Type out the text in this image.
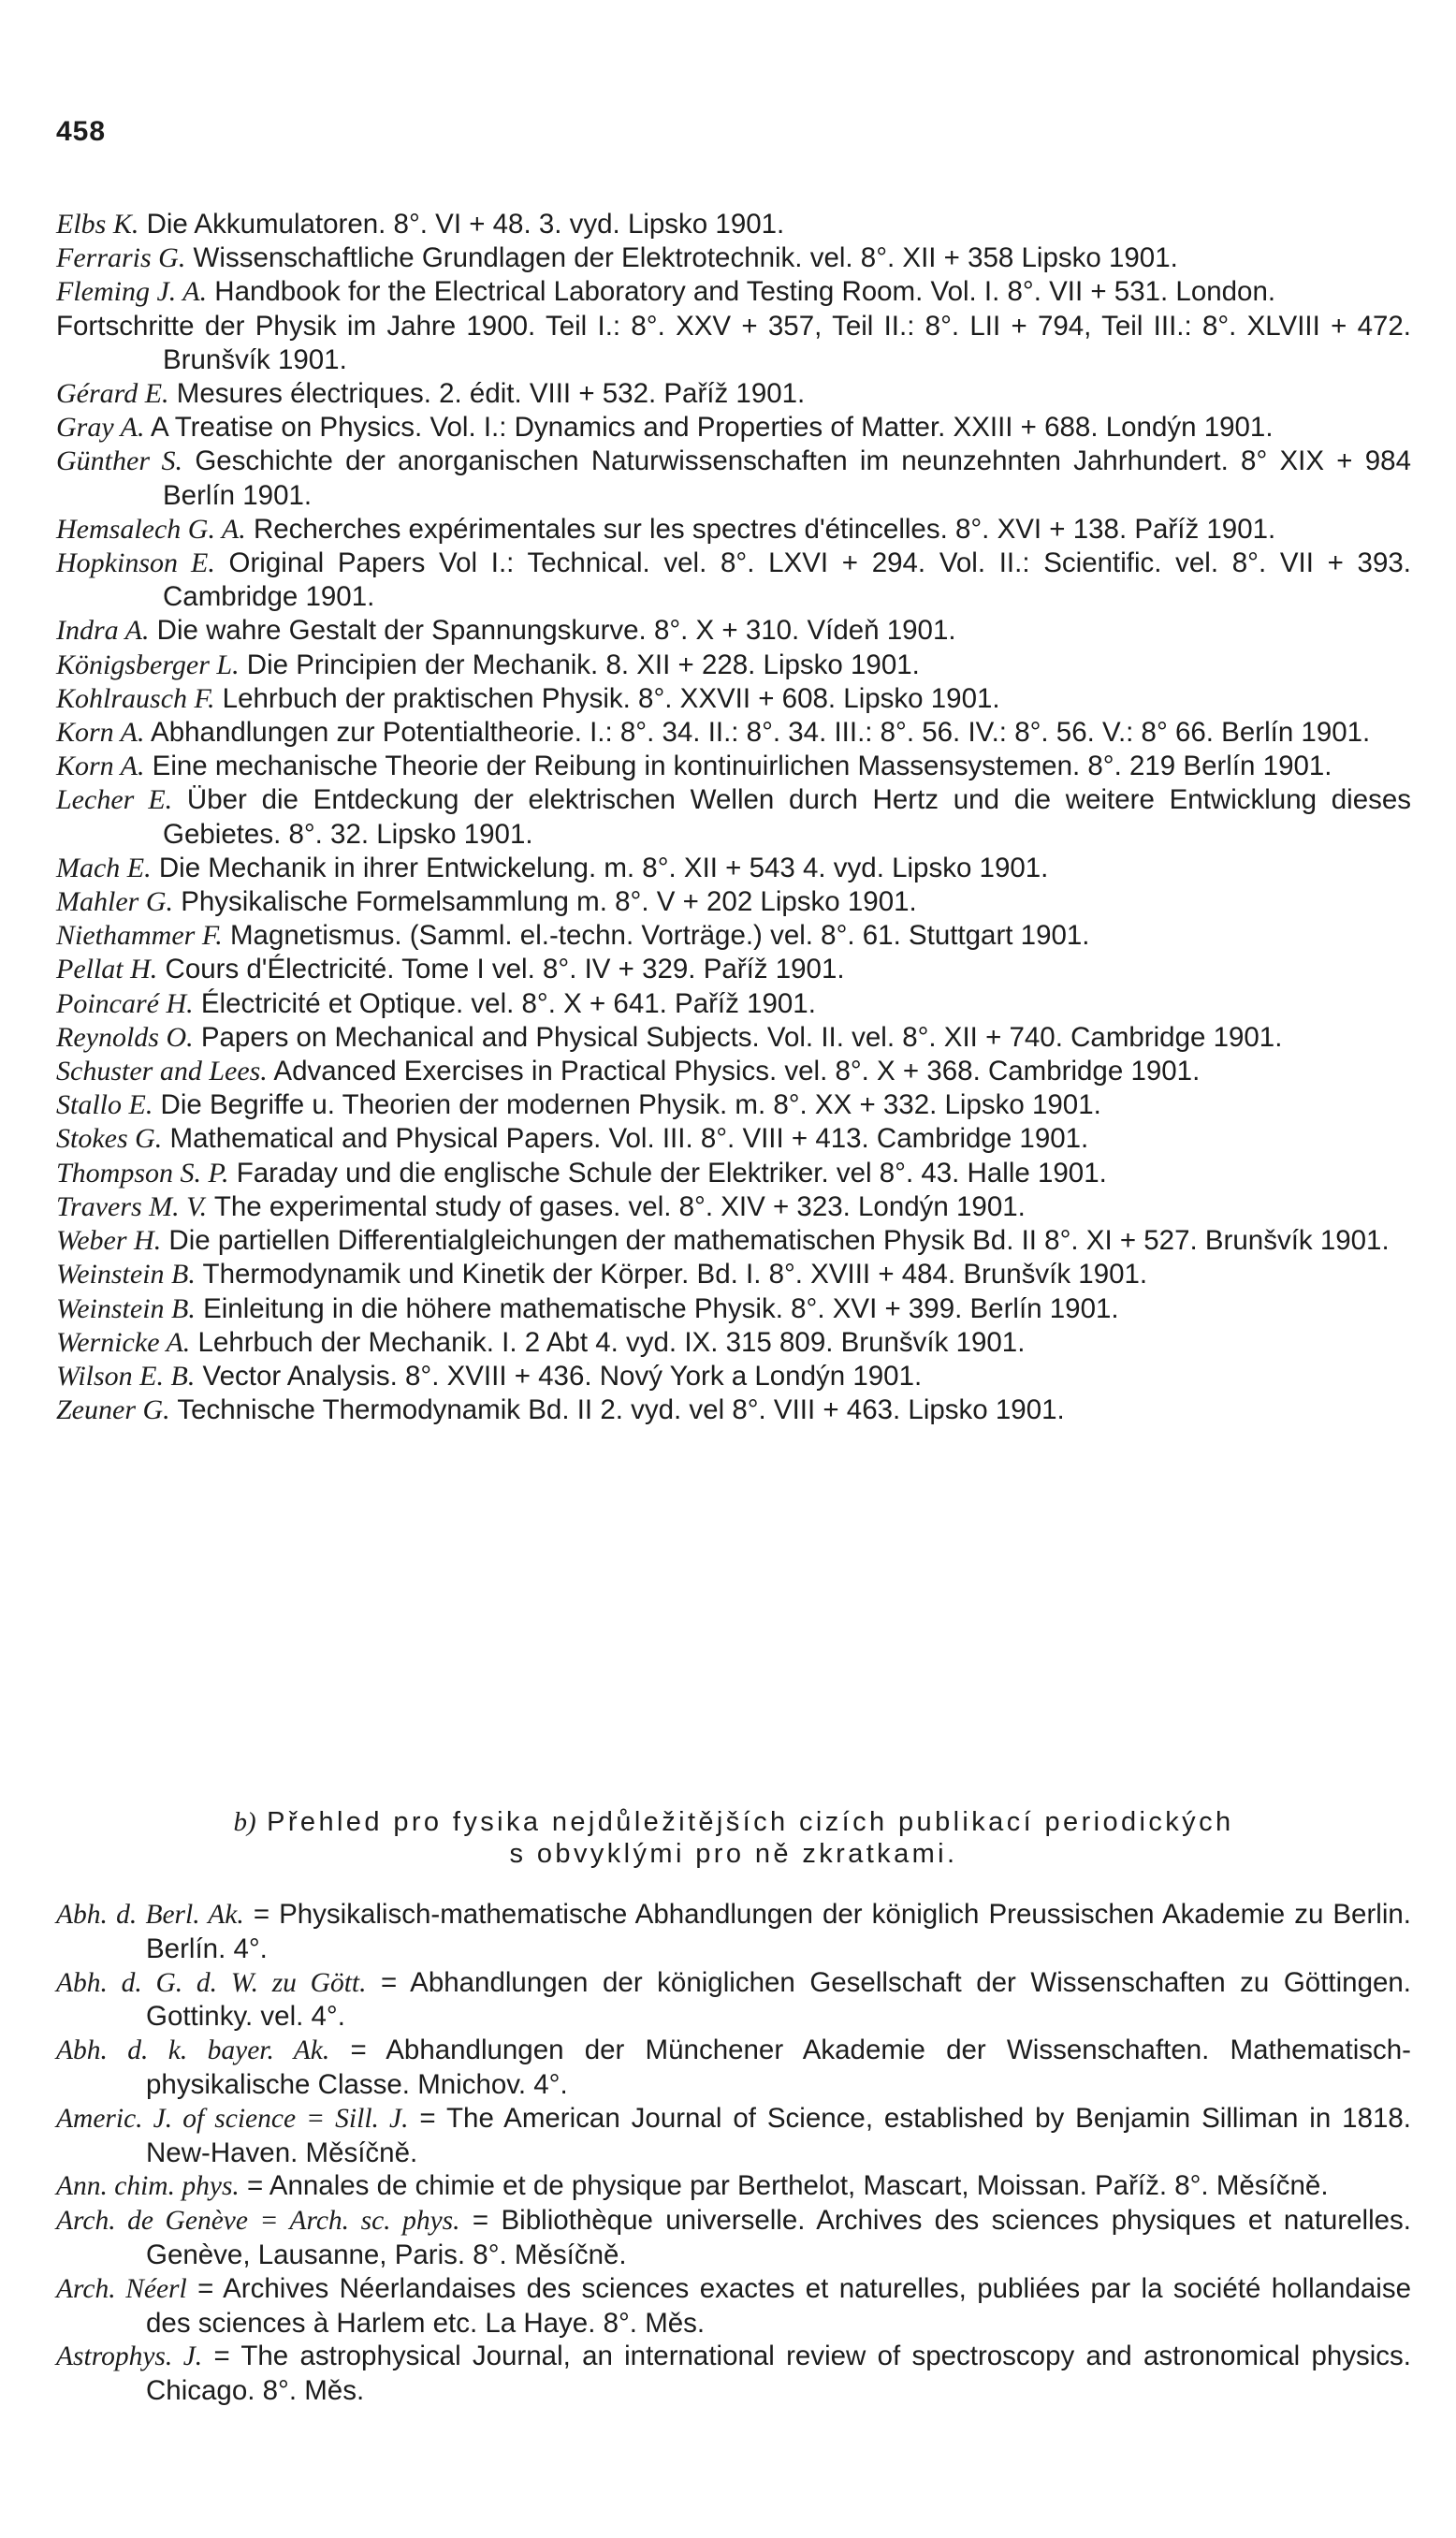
458
Elbs K. Die Akkumulatoren. 8°. VI + 48. 3. vyd. Lipsko 1901.
Ferraris G. Wissenschaftliche Grundlagen der Elektrotechnik. vel. 8°. XII + 358 Lipsko 1901.
Fleming J. A. Handbook for the Electrical Laboratory and Testing Room. Vol. I. 8°. VII + 531. London.
Fortschritte der Physik im Jahre 1900. Teil I.: 8°. XXV + 357, Teil II.: 8°. LII + 794, Teil III.: 8°. XLVIII + 472. Brunšvík 1901.
Gérard E. Mesures électriques. 2. édit. VIII + 532. Paříž 1901.
Gray A. A Treatise on Physics. Vol. I.: Dynamics and Properties of Matter. XXIII + 688. Londýn 1901.
Günther S. Geschichte der anorganischen Naturwissenschaften im neunzehnten Jahrhundert. 8° XIX + 984 Berlín 1901.
Hemsalech G. A. Recherches expérimentales sur les spectres d'étincelles. 8°. XVI + 138. Paříž 1901.
Hopkinson E. Original Papers Vol I.: Technical. vel. 8°. LXVI + 294. Vol. II.: Scientific. vel. 8°. VII + 393. Cambridge 1901.
Indra A. Die wahre Gestalt der Spannungskurve. 8°. X + 310. Vídeň 1901.
Königsberger L. Die Principien der Mechanik. 8. XII + 228. Lipsko 1901.
Kohlrausch F. Lehrbuch der praktischen Physik. 8°. XXVII + 608. Lipsko 1901.
Korn A. Abhandlungen zur Potentialtheorie. I.: 8°. 34. II.: 8°. 34. III.: 8°. 56. IV.: 8°. 56. V.: 8° 66. Berlín 1901.
Korn A. Eine mechanische Theorie der Reibung in kontinuirlichen Massensystemen. 8°. 219 Berlín 1901.
Lecher E. Über die Entdeckung der elektrischen Wellen durch Hertz und die weitere Entwicklung dieses Gebietes. 8°. 32. Lipsko 1901.
Mach E. Die Mechanik in ihrer Entwickelung. m. 8°. XII + 543 4. vyd. Lipsko 1901.
Mahler G. Physikalische Formelsammlung m. 8°. V + 202 Lipsko 1901.
Niethammer F. Magnetismus. (Samml. el.-techn. Vorträge.) vel. 8°. 61. Stuttgart 1901.
Pellat H. Cours d'Électricité. Tome I vel. 8°. IV + 329. Paříž 1901.
Poincaré H. Électricité et Optique. vel. 8°. X + 641. Paříž 1901.
Reynolds O. Papers on Mechanical and Physical Subjects. Vol. II. vel. 8°. XII + 740. Cambridge 1901.
Schuster and Lees. Advanced Exercises in Practical Physics. vel. 8°. X + 368. Cambridge 1901.
Stallo E. Die Begriffe u. Theorien der modernen Physik. m. 8°. XX + 332. Lipsko 1901.
Stokes G. Mathematical and Physical Papers. Vol. III. 8°. VIII + 413. Cambridge 1901.
Thompson S. P. Faraday und die englische Schule der Elektriker. vel 8°. 43. Halle 1901.
Travers M. V. The experimental study of gases. vel. 8°. XIV + 323. Londýn 1901.
Weber H. Die partiellen Differentialgleichungen der mathematischen Physik Bd. II 8°. XI + 527. Brunšvík 1901.
Weinstein B. Thermodynamik und Kinetik der Körper. Bd. I. 8°. XVIII + 484. Brunšvík 1901.
Weinstein B. Einleitung in die höhere mathematische Physik. 8°. XVI + 399. Berlín 1901.
Wernicke A. Lehrbuch der Mechanik. I. 2 Abt 4. vyd. IX. 315 809. Brunšvík 1901.
Wilson E. B. Vector Analysis. 8°. XVIII + 436. Nový York a Londýn 1901.
Zeuner G. Technische Thermodynamik Bd. II 2. vyd. vel 8°. VIII + 463. Lipsko 1901.
b) Přehled pro fysika nejdůležitějších cizích publikací periodických
s obvyklými pro ně zkratkami.
Abh. d. Berl. Ak. = Physikalisch-mathematische Abhandlungen der königlich Preussischen Akademie zu Berlin. Berlín. 4°.
Abh. d. G. d. W. zu Gött. = Abhandlungen der königlichen Gesellschaft der Wissenschaften zu Göttingen. Gottinky. vel. 4°.
Abh. d. k. bayer. Ak. = Abhandlungen der Münchener Akademie der Wissenschaften. Mathematisch-physikalische Classe. Mnichov. 4°.
Americ. J. of science = Sill. J. = The American Journal of Science, established by Benjamin Silliman in 1818. New-Haven. Měsíčně.
Ann. chim. phys. = Annales de chimie et de physique par Berthelot, Mascart, Moissan. Paříž. 8°. Měsíčně.
Arch. de Genève = Arch. sc. phys. = Bibliothèque universelle. Archives des sciences physiques et naturelles. Genève, Lausanne, Paris. 8°. Měsíčně.
Arch. Néerl = Archives Néerlandaises des sciences exactes et naturelles, publiées par la société hollandaise des sciences à Harlem etc. La Haye. 8°. Měs.
Astrophys. J. = The astrophysical Journal, an international review of spectroscopy and astronomical physics. Chicago. 8°. Měs.
